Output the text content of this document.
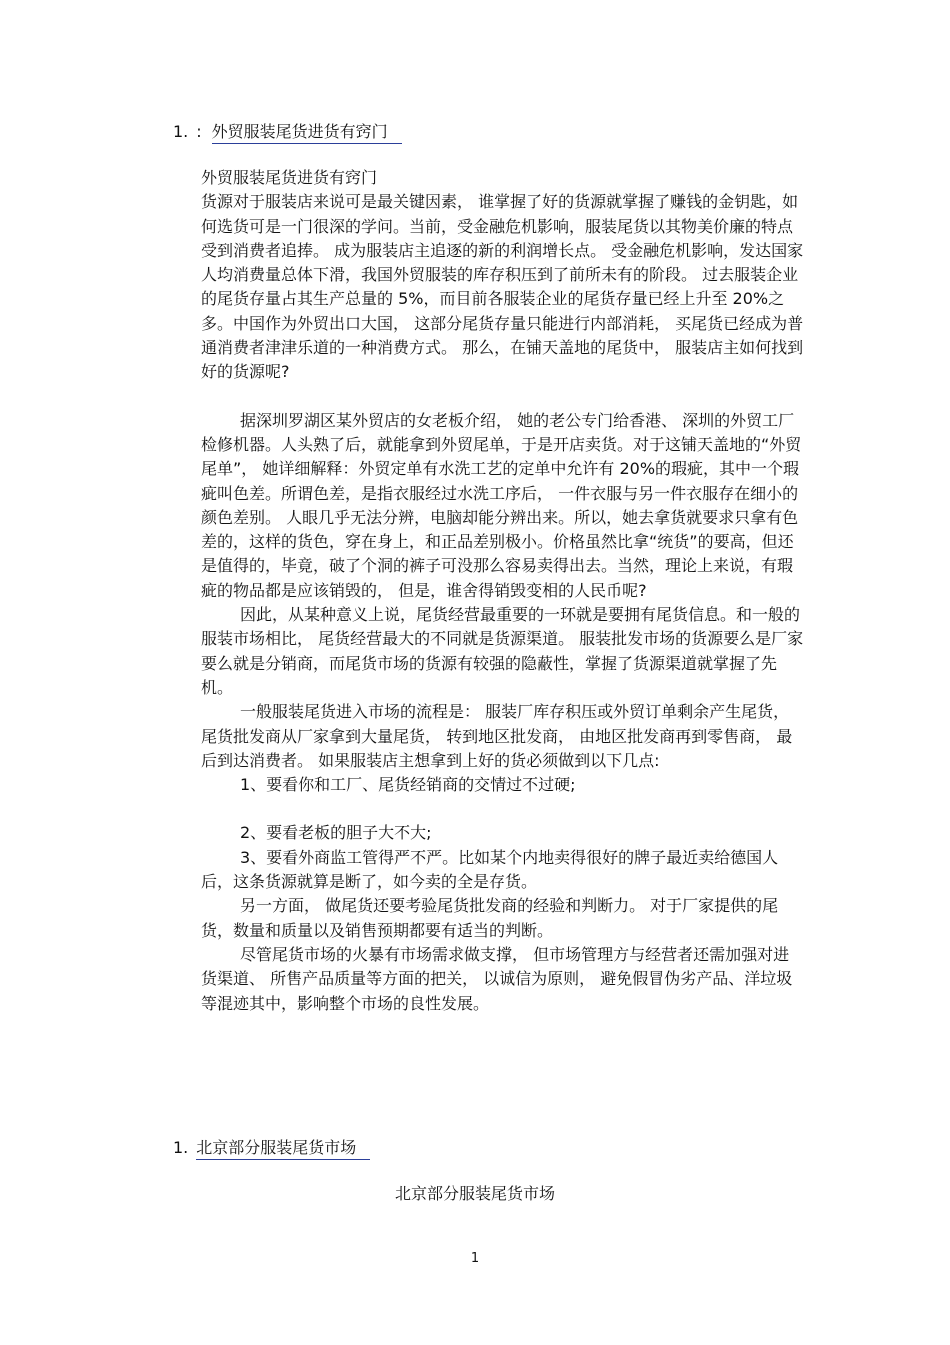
1. : 外贸服装尾货进货有窍门

外贸服装尾货进货有窍门

货源对于服装店来说可是最关键因素， 谁掌握了好的货源就掌握了赚钱的金钥匙，如何选货可是一门很深的学问。当前，受金融危机影响，服装尾货以其物美价廉的特点受到消费者追捧。 成为服装店主追逐的新的利润增长点。 受金融危机影响，发达国家人均消费量总体下滑，我国外贸服装的库存积压到了前所未有的阶段。 过去服装企业的尾货存量占其生产总量的 5%，而目前各服装企业的尾货存量已经上升至 20%之多。中国作为外贸出口大国， 这部分尾货存量只能进行内部消耗， 买尾货已经成为普通消费者津津乐道的一种消费方式。 那么，在铺天盖地的尾货中， 服装店主如何找到好的货源呢?

据深圳罗湖区某外贸店的女老板介绍， 她的老公专门给香港、 深圳的外贸工厂检修机器。人头熟了后，就能拿到外贸尾单，于是开店卖货。对于这铺天盖地的“外贸尾单”， 她详细解释：外贸定单有水洗工艺的定单中允许有 20%的瑕疵，其中一个瑕疵叫色差。所谓色差，是指衣服经过水洗工序后， 一件衣服与另一件衣服存在细小的颜色差别。 人眼几乎无法分辨，电脑却能分辨出来。所以，她去拿货就要求只拿有色差的，这样的货色，穿在身上，和正品差别极小。价格虽然比拿“统货”的要高，但还是值得的，毕竟，破了个洞的裤子可没那么容易卖得出去。当然，理论上来说，有瑕疵的物品都是应该销毁的， 但是，谁舍得销毁变相的人民币呢?

因此，从某种意义上说，尾货经营最重要的一环就是要拥有尾货信息。和一般的服装市场相比， 尾货经营最大的不同就是货源渠道。 服装批发市场的货源要么是厂家要么就是分销商，而尾货市场的货源有较强的隐蔽性，掌握了货源渠道就掌握了先机。

一般服装尾货进入市场的流程是： 服装厂库存积压或外贸订单剩余产生尾货，尾货批发商从厂家拿到大量尾货， 转到地区批发商， 由地区批发商再到零售商， 最后到达消费者。 如果服装店主想拿到上好的货必须做到以下几点:

1、要看你和工厂、尾货经销商的交情过不过硬;

2、要看老板的胆子大不大;

3、要看外商监工管得严不严。比如某个内地卖得很好的牌子最近卖给德国人后，这条货源就算是断了，如今卖的全是存货。

另一方面， 做尾货还要考验尾货批发商的经验和判断力。 对于厂家提供的尾货，数量和质量以及销售预期都要有适当的判断。

尽管尾货市场的火暴有市场需求做支撑， 但市场管理方与经营者还需加强对进货渠道、 所售产品质量等方面的把关， 以诚信为原则， 避免假冒伪劣产品、洋垃圾等混迹其中，影响整个市场的良性发展。

1. 北京部分服装尾货市场
北京部分服装尾货市场
1
